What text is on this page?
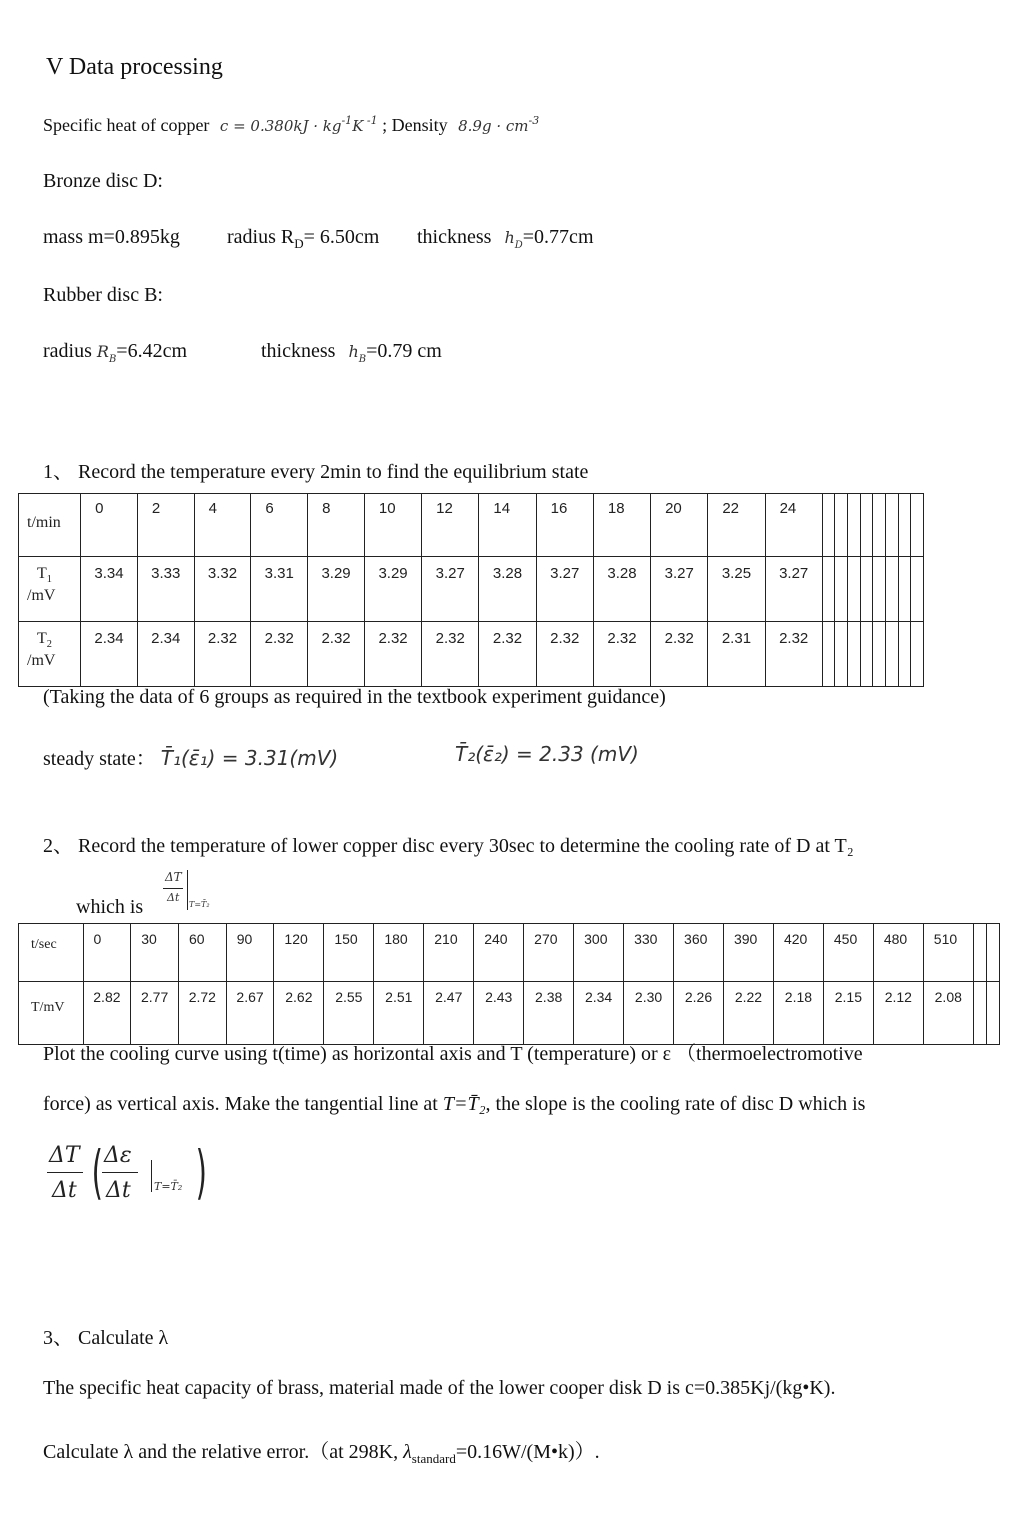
V Data processing
Specific heat of copper $c = 0.380kJ \cdot kg^{-1}K$ $^{-1}$ ; Density $8.9g \cdot cm^{-3}$
Bronze disc D:
mass m=0.895kg radius $R_D= 6.50cm$ thickness $h_D=0.77cm$
Rubber disc B:
radius $R_B=6.42cm$	thickness $h_B=0.79$ cm
1、 Record the temperature every 2min to find the equilibrium state
t/min	0	2	4	6	8	10	12	14	16	18	20	22	24								

$T_1$
/mV	3.34	3.33	3.32	3.31	3.29	3.29	3.27	3.28	3.27	3.28	3.27	3.25	3.27								

$T_2$
/mV	2.34	2.34	2.32	2.32	2.32	2.32	2.32	2.32	2.32	2.32	2.32	2.31	2.32								
(Taking the data of 6 groups as required in the textbook experiment guidance)
steady state： T̄₁(ε̄₁) = 3.31(mV)	T̄₂(ε̄₂) = 2.33 (mV)
2、 Record the temperature of lower copper disc every 30sec to determine the cooling rate of D at T₂
which is
ΔT
Δt
T=T̄₂
t/sec	0	30	60	90	120	150	180	210	240	270	300	330	360	390	420	450	480	510		
T/mV	2.82	2.77	2.72	2.67	2.62	2.55	2.51	2.47	2.43	2.38	2.34	2.30	2.26	2.22	2.18	2.15	2.12	2.08		
Plot the cooling curve using t(time) as horizontal axis and T (temperature) or ε （thermoelectromotive
force) as vertical axis. Make the tangential line at T=T̄₂, the slope is the cooling rate of disc D which is
ΔT
Δt ( Δε
Δt T=T̄₂ )
3、 Calculate λ
The specific heat capacity of brass, material made of the lower cooper disk D is c=0.385Kj/(kg•K).
Calculate λ and the relative error.（at 298K, $\lambda_{standard}=0.16W/(M•k)$）.
